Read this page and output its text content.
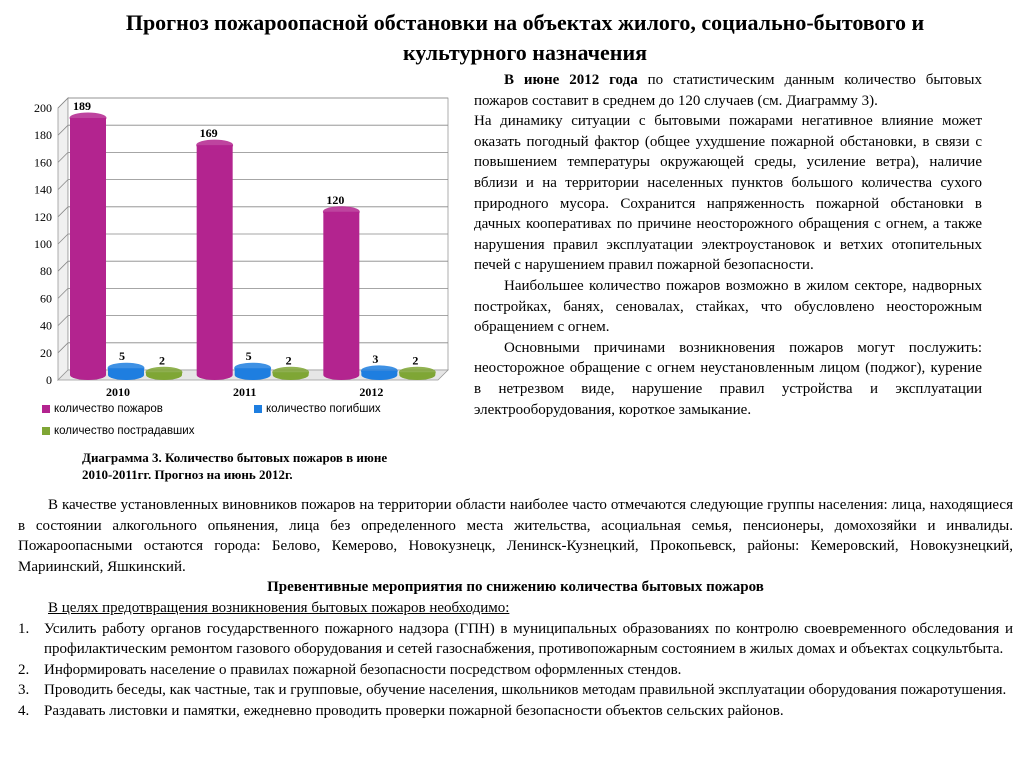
Прогноз пожароопасной обстановки на объектах жилого, социально-бытового и культурного назначения
0
20
40
60
80
100
120
140
160
180
200 189
5	2
2010
169
5	2
2011
120
3	2
2012
количество пожаров	количество погибших
количество пострадавших
Диаграмма 3. Количество бытовых пожаров в июне 2010-2011гг. Прогноз на июнь 2012г.

В июне 2012 года по статистическим данным количество бытовых пожаров составит в среднем до 120 случаев (см. Диаграмму 3).

На динамику ситуации с бытовыми пожарами негативное влияние может оказать погодный фактор (общее ухудшение пожарной обстановки, в связи с повышением температуры окружающей среды, усиление ветра), наличие вблизи и на территории населенных пунктов большого количества сухого природного мусора. Сохранится напряженность пожарной обстановки в дачных кооперативах по причине неосторожного обращения с огнем, а также нарушения правил эксплуатации электроустановок и ветхих отопительных печей с нарушением правил пожарной безопасности.

Наибольшее количество пожаров возможно в жилом секторе, надворных постройках, банях, сеновалах, стайках, что обусловлено неосторожным обращением с огнем.

Основными причинами возникновения пожаров могут послужить: неосторожное обращение с огнем неустановленным лицом (поджог), курение в нетрезвом виде, нарушение правил устройства и эксплуатации электрооборудования, короткое замыкание.

В качестве установленных виновников пожаров на территории области наиболее часто отмечаются следующие группы населения: лица, находящиеся в состоянии алкогольного опьянения, лица без определенного места жительства, асоциальная семья, пенсионеры, домохозяйки и инвалиды. Пожароопасными остаются города: Белово, Кемерово, Новокузнецк, Ленинск-Кузнецкий, Прокопьевск, районы: Кемеровский, Новокузнецкий, Мариинский, Яшкинский.

Превентивные мероприятия по снижению количества бытовых пожаров

В целях предотвращения возникновения бытовых пожаров необходимо:

1. Усилить работу органов государственного пожарного надзора (ГПН) в муниципальных образованиях по контролю своевременного обследования и профилактическим ремонтом газового оборудования и сетей газоснабжения, противопожарным состоянием в жилых домах и объектах соцкультбыта.
2. Информировать население о правилах пожарной безопасности посредством оформленных стендов.
3. Проводить беседы, как частные, так и групповые, обучение населения, школьников методам правильной эксплуатации оборудования пожаротушения.
4. Раздавать листовки и памятки, ежедневно проводить проверки пожарной безопасности объектов сельских районов.
